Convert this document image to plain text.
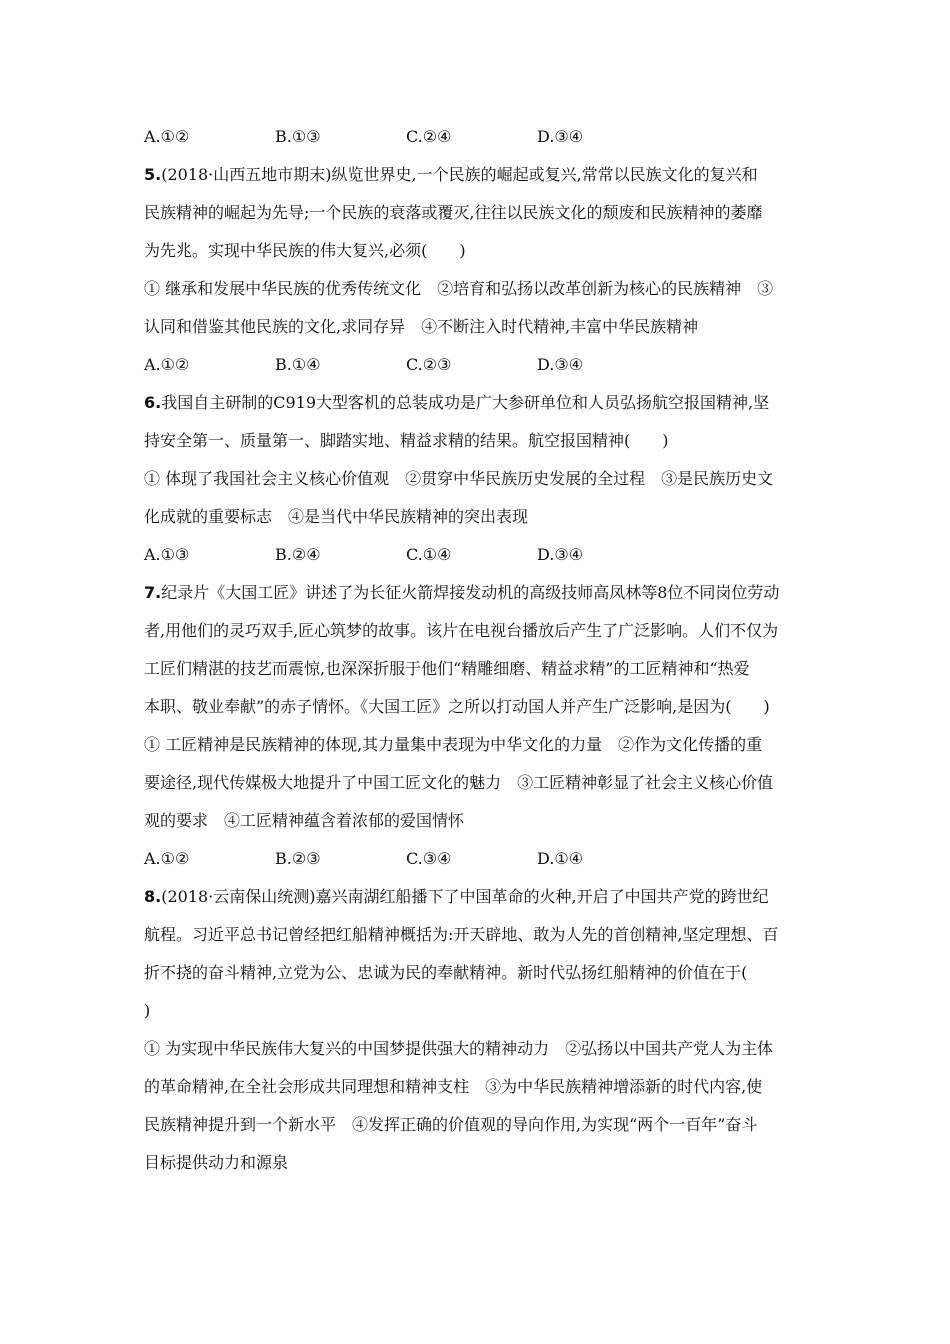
A.①②	B.①③	C.②④	D.③④
5.(2018·山西五地市期末)纵览世界史,一个民族的崛起或复兴,常常以民族文化的复兴和
民族精神的崛起为先导;一个民族的衰落或覆灭,往往以民族文化的颓废和民族精神的萎靡
为先兆。实现中华民族的伟大复兴,必须(　　)
① 继承和发展中华民族的优秀传统文化　②培育和弘扬以改革创新为核心的民族精神　③
认同和借鉴其他民族的文化,求同存异　④不断注入时代精神,丰富中华民族精神
A.①②	B.①④	C.②③	D.③④
6.我国自主研制的C919大型客机的总装成功是广大参研单位和人员弘扬航空报国精神,坚
持安全第一、质量第一、脚踏实地、精益求精的结果。航空报国精神(　　)
① 体现了我国社会主义核心价值观　②贯穿中华民族历史发展的全过程　③是民族历史文
化成就的重要标志　④是当代中华民族精神的突出表现
A.①③	B.②④	C.①④	D.③④
7.纪录片《大国工匠》讲述了为长征火箭焊接发动机的高级技师高凤林等8位不同岗位劳动
者,用他们的灵巧双手,匠心筑梦的故事。该片在电视台播放后产生了广泛影响。人们不仅为
工匠们精湛的技艺而震惊,也深深折服于他们“精雕细磨、精益求精”的工匠精神和“热爱
本职、敬业奉献”的赤子情怀。《大国工匠》之所以打动国人并产生广泛影响,是因为(　　)
① 工匠精神是民族精神的体现,其力量集中表现为中华文化的力量　②作为文化传播的重
要途径,现代传媒极大地提升了中国工匠文化的魅力　③工匠精神彰显了社会主义核心价值
观的要求　④工匠精神蕴含着浓郁的爱国情怀
A.①②	B.②③	C.③④	D.①④
8.(2018·云南保山统测)嘉兴南湖红船播下了中国革命的火种,开启了中国共产党的跨世纪
航程。习近平总书记曾经把红船精神概括为:开天辟地、敢为人先的首创精神,坚定理想、百
折不挠的奋斗精神,立党为公、忠诚为民的奉献精神。新时代弘扬红船精神的价值在于(
)
① 为实现中华民族伟大复兴的中国梦提供强大的精神动力　②弘扬以中国共产党人为主体
的革命精神,在全社会形成共同理想和精神支柱　③为中华民族精神增添新的时代内容,使
民族精神提升到一个新水平　④发挥正确的价值观的导向作用,为实现“两个一百年”奋斗
目标提供动力和源泉
